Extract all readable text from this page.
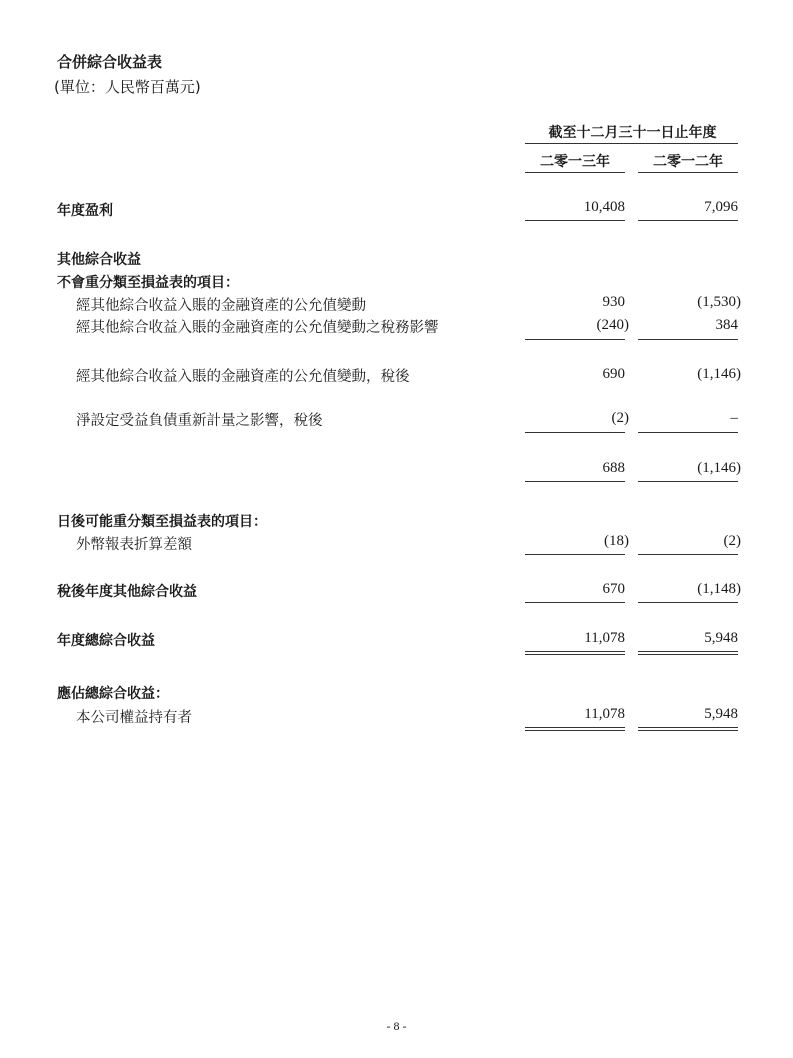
合併綜合收益表
(單位：人民幣百萬元)
截至十二月三十一日止年度
二零一三年	二零一二年
年度盈利	10,408	7,096
其他綜合收益
不會重分類至損益表的項目：
經其他綜合收益入賬的金融資產的公允值變動	930	(1,530)
經其他綜合收益入賬的金融資產的公允值變動之稅務影響	(240)	384
經其他綜合收益入賬的金融資產的公允值變動，稅後	690	(1,146)
淨設定受益負債重新計量之影響，稅後	(2)	–
688	(1,146)
日後可能重分類至損益表的項目：
外幣報表折算差額	(18)	(2)
稅後年度其他綜合收益	670	(1,148)
年度總綜合收益	11,078	5,948
應佔總綜合收益：
本公司權益持有者	11,078	5,948
- 8 -
